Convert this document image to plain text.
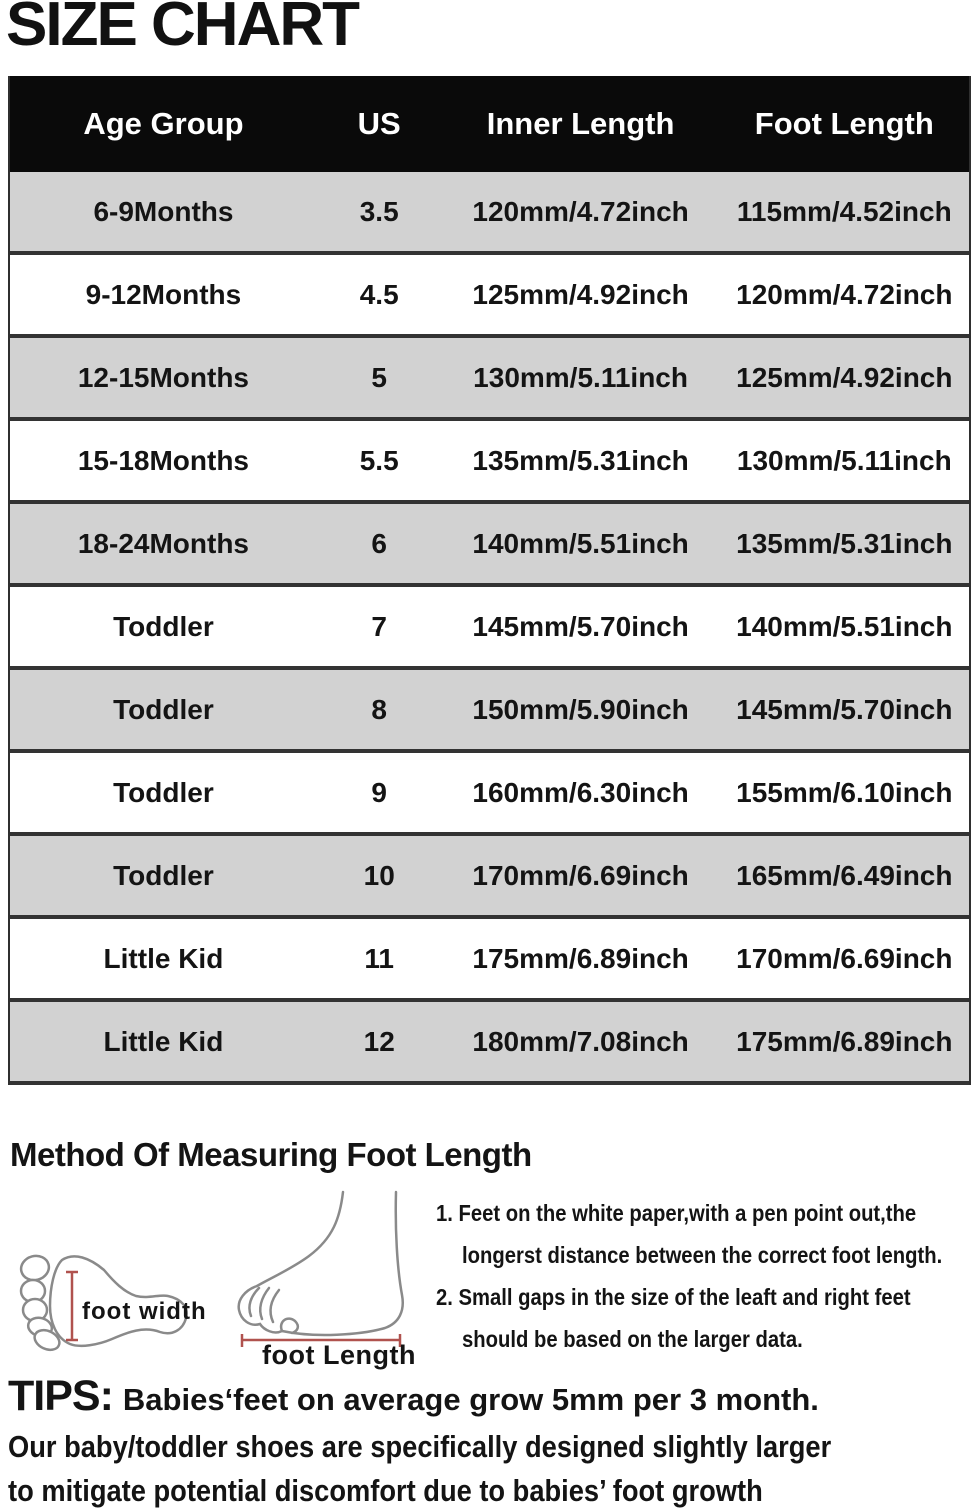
SIZE CHART
Age Group	US	Inner Length	Foot Length
6-9Months	3.5	120mm/4.72inch	115mm/4.52inch
9-12Months	4.5	125mm/4.92inch	120mm/4.72inch
12-15Months	5	130mm/5.11inch	125mm/4.92inch
15-18Months	5.5	135mm/5.31inch	130mm/5.11inch
18-24Months	6	140mm/5.51inch	135mm/5.31inch
Toddler	7	145mm/5.70inch	140mm/5.51inch
Toddler	8	150mm/5.90inch	145mm/5.70inch
Toddler	9	160mm/6.30inch	155mm/6.10inch
Toddler	10	170mm/6.69inch	165mm/6.49inch
Little Kid	11	175mm/6.89inch	170mm/6.69inch
Little Kid	12	180mm/7.08inch	175mm/6.89inch
Method Of Measuring Foot Length
foot width
foot Length
1. Feet on the white paper,with a pen point out,the
longerst distance between the correct foot length.
2. Small gaps in the size of the leaft and right feet
should be based on the larger data.
TIPS: Babies‘feet on average grow 5mm per 3 month.
Our baby/toddler shoes are specifically designed slightly larger
to mitigate potential discomfort due to babies’ foot growth
